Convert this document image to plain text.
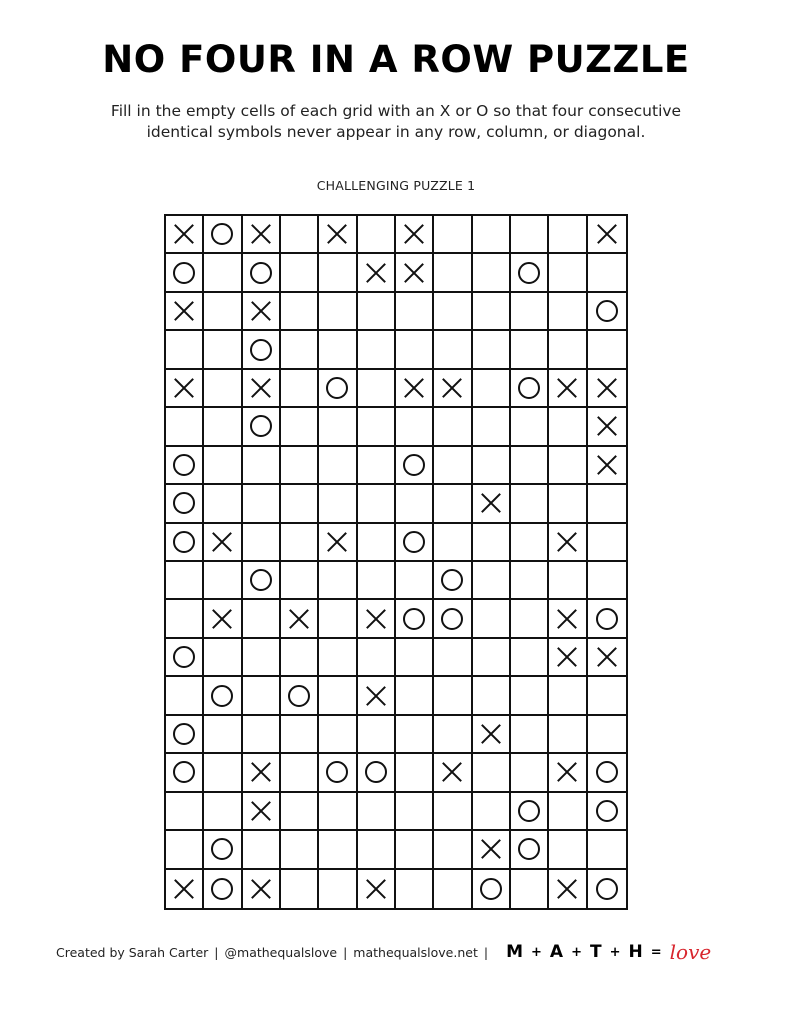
NO FOUR IN A ROW PUZZLE
Fill in the empty cells of each grid with an X or O so that four consecutive
identical symbols never appear in any row, column, or diagonal.
CHALLENGING PUZZLE 1
Created by Sarah Carter | @mathequalslove | mathequalslove.net | M + A + T + H = love
